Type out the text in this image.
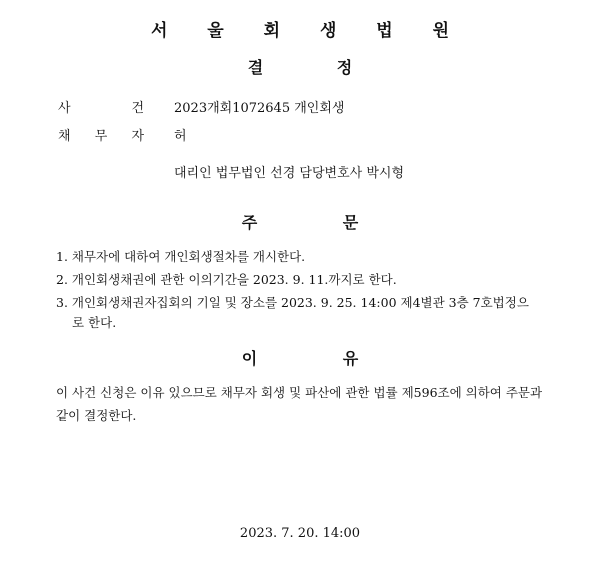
서 울 회 생 법 원
결 정
사	건 2023개회1072645 개인회생
채 무 자 허
대리인 법무법인 선경 담당변호사 박시형
주 문
1. 채무자에 대하여 개인회생절차를 개시한다.
2. 개인회생채권에 관한 이의기간을 2023. 9. 11.까지로 한다.
3. 개인회생채권자집회의 기일 및 장소를 2023. 9. 25. 14:00 제4별관 3층 7호법정으
로 한다.
이 유
이 사건 신청은 이유 있으므로 채무자 회생 및 파산에 관한 법률 제596조에 의하여 주문과 같이 결정한다.
2023. 7. 20. 14:00
